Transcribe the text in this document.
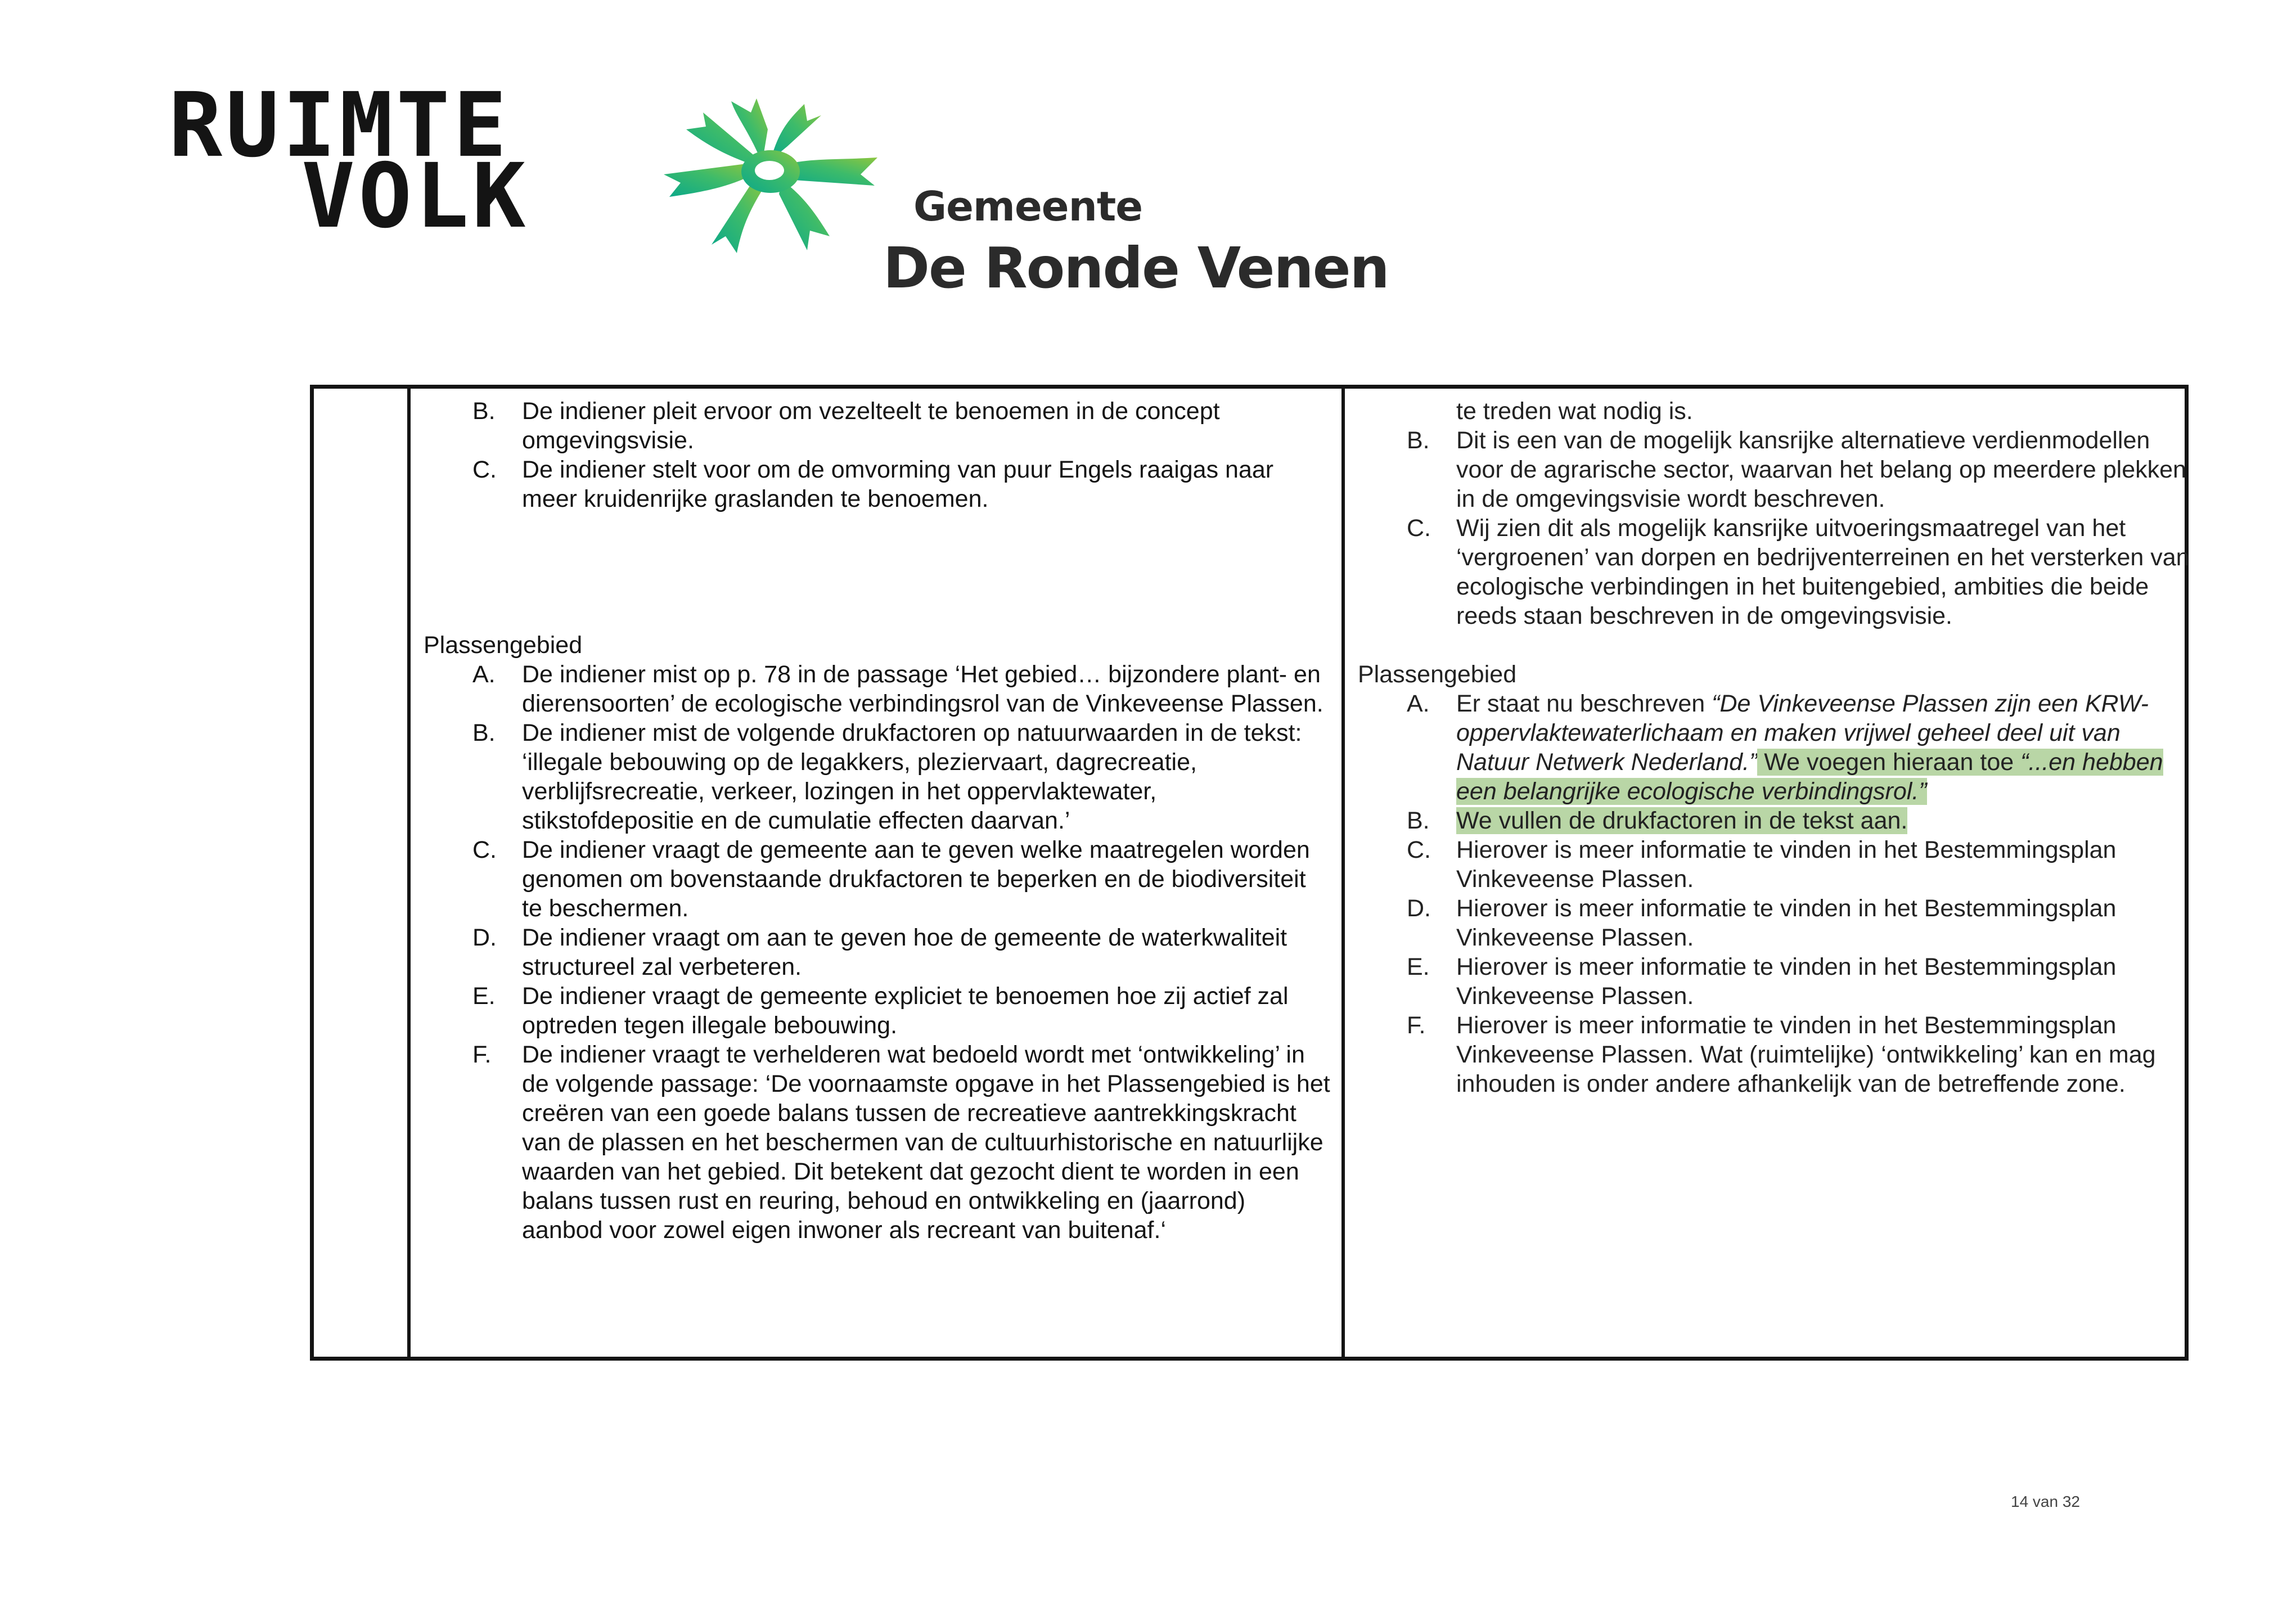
RUIMTE
VOLK	Gemeente
De Ronde Venen
B.	De indiener pleit ervoor om vezelteelt te benoemen in de concept omgevingsvisie.
C.	De indiener stelt voor om de omvorming van puur Engels raaigas naar meer kruidenrijke graslanden te benoemen.

Plassengebied

A.	De indiener mist op p. 78 in de passage ‘Het gebied… bijzondere plant- en dierensoorten’ de ecologische verbindingsrol van de Vinkeveense Plassen.
B.	De indiener mist de volgende drukfactoren op natuurwaarden in de tekst: ‘illegale bebouwing op de legakkers, pleziervaart, dagrecreatie, verblijfsrecreatie, verkeer, lozingen in het oppervlaktewater, stikstofdepositie en de cumulatie effecten daarvan.’
C.	De indiener vraagt de gemeente aan te geven welke maatregelen worden genomen om bovenstaande drukfactoren te beperken en de biodiversiteit te beschermen.
D.	De indiener vraagt om aan te geven hoe de gemeente de waterkwaliteit structureel zal verbeteren.
E.	De indiener vraagt de gemeente expliciet te benoemen hoe zij actief zal optreden tegen illegale bebouwing.
F.	De indiener vraagt te verhelderen wat bedoeld wordt met ‘ontwikkeling’ in de volgende passage: ‘De voornaamste opgave in het Plassengebied is het creëren van een goede balans tussen de recreatieve aantrekkingskracht van de plassen en het beschermen van de cultuurhistorische en natuurlijke waarden van het gebied. Dit betekent dat gezocht dient te worden in een balans tussen rust en reuring, behoud en ontwikkeling en (jaarrond) aanbod voor zowel eigen inwoner als recreant van buitenaf.‘
te treden wat nodig is.
B.	Dit is een van de mogelijk kansrijke alternatieve verdienmodellen voor de agrarische sector, waarvan het belang op meerdere plekken in de omgevingsvisie wordt beschreven.
C.	Wij zien dit als mogelijk kansrijke uitvoeringsmaatregel van het ‘vergroenen’ van dorpen en bedrijventerreinen en het versterken van ecologische verbindingen in het buitengebied, ambities die beide reeds staan beschreven in de omgevingsvisie.

Plassengebied

A.	Er staat nu beschreven “De Vinkeveense Plassen zijn een KRW-oppervlaktewaterlichaam en maken vrijwel geheel deel uit van Natuur Netwerk Nederland.” We voegen hieraan toe “...en hebben een belangrijke ecologische verbindingsrol.”
B.	We vullen de drukfactoren in de tekst aan.
C.	Hierover is meer informatie te vinden in het Bestemmingsplan Vinkeveense Plassen.
D.	Hierover is meer informatie te vinden in het Bestemmingsplan Vinkeveense Plassen.
E.	Hierover is meer informatie te vinden in het Bestemmingsplan Vinkeveense Plassen.
F.	Hierover is meer informatie te vinden in het Bestemmingsplan Vinkeveense Plassen. Wat (ruimtelijke) ‘ontwikkeling’ kan en mag inhouden is onder andere afhankelijk van de betreffende zone.
14 van 32
